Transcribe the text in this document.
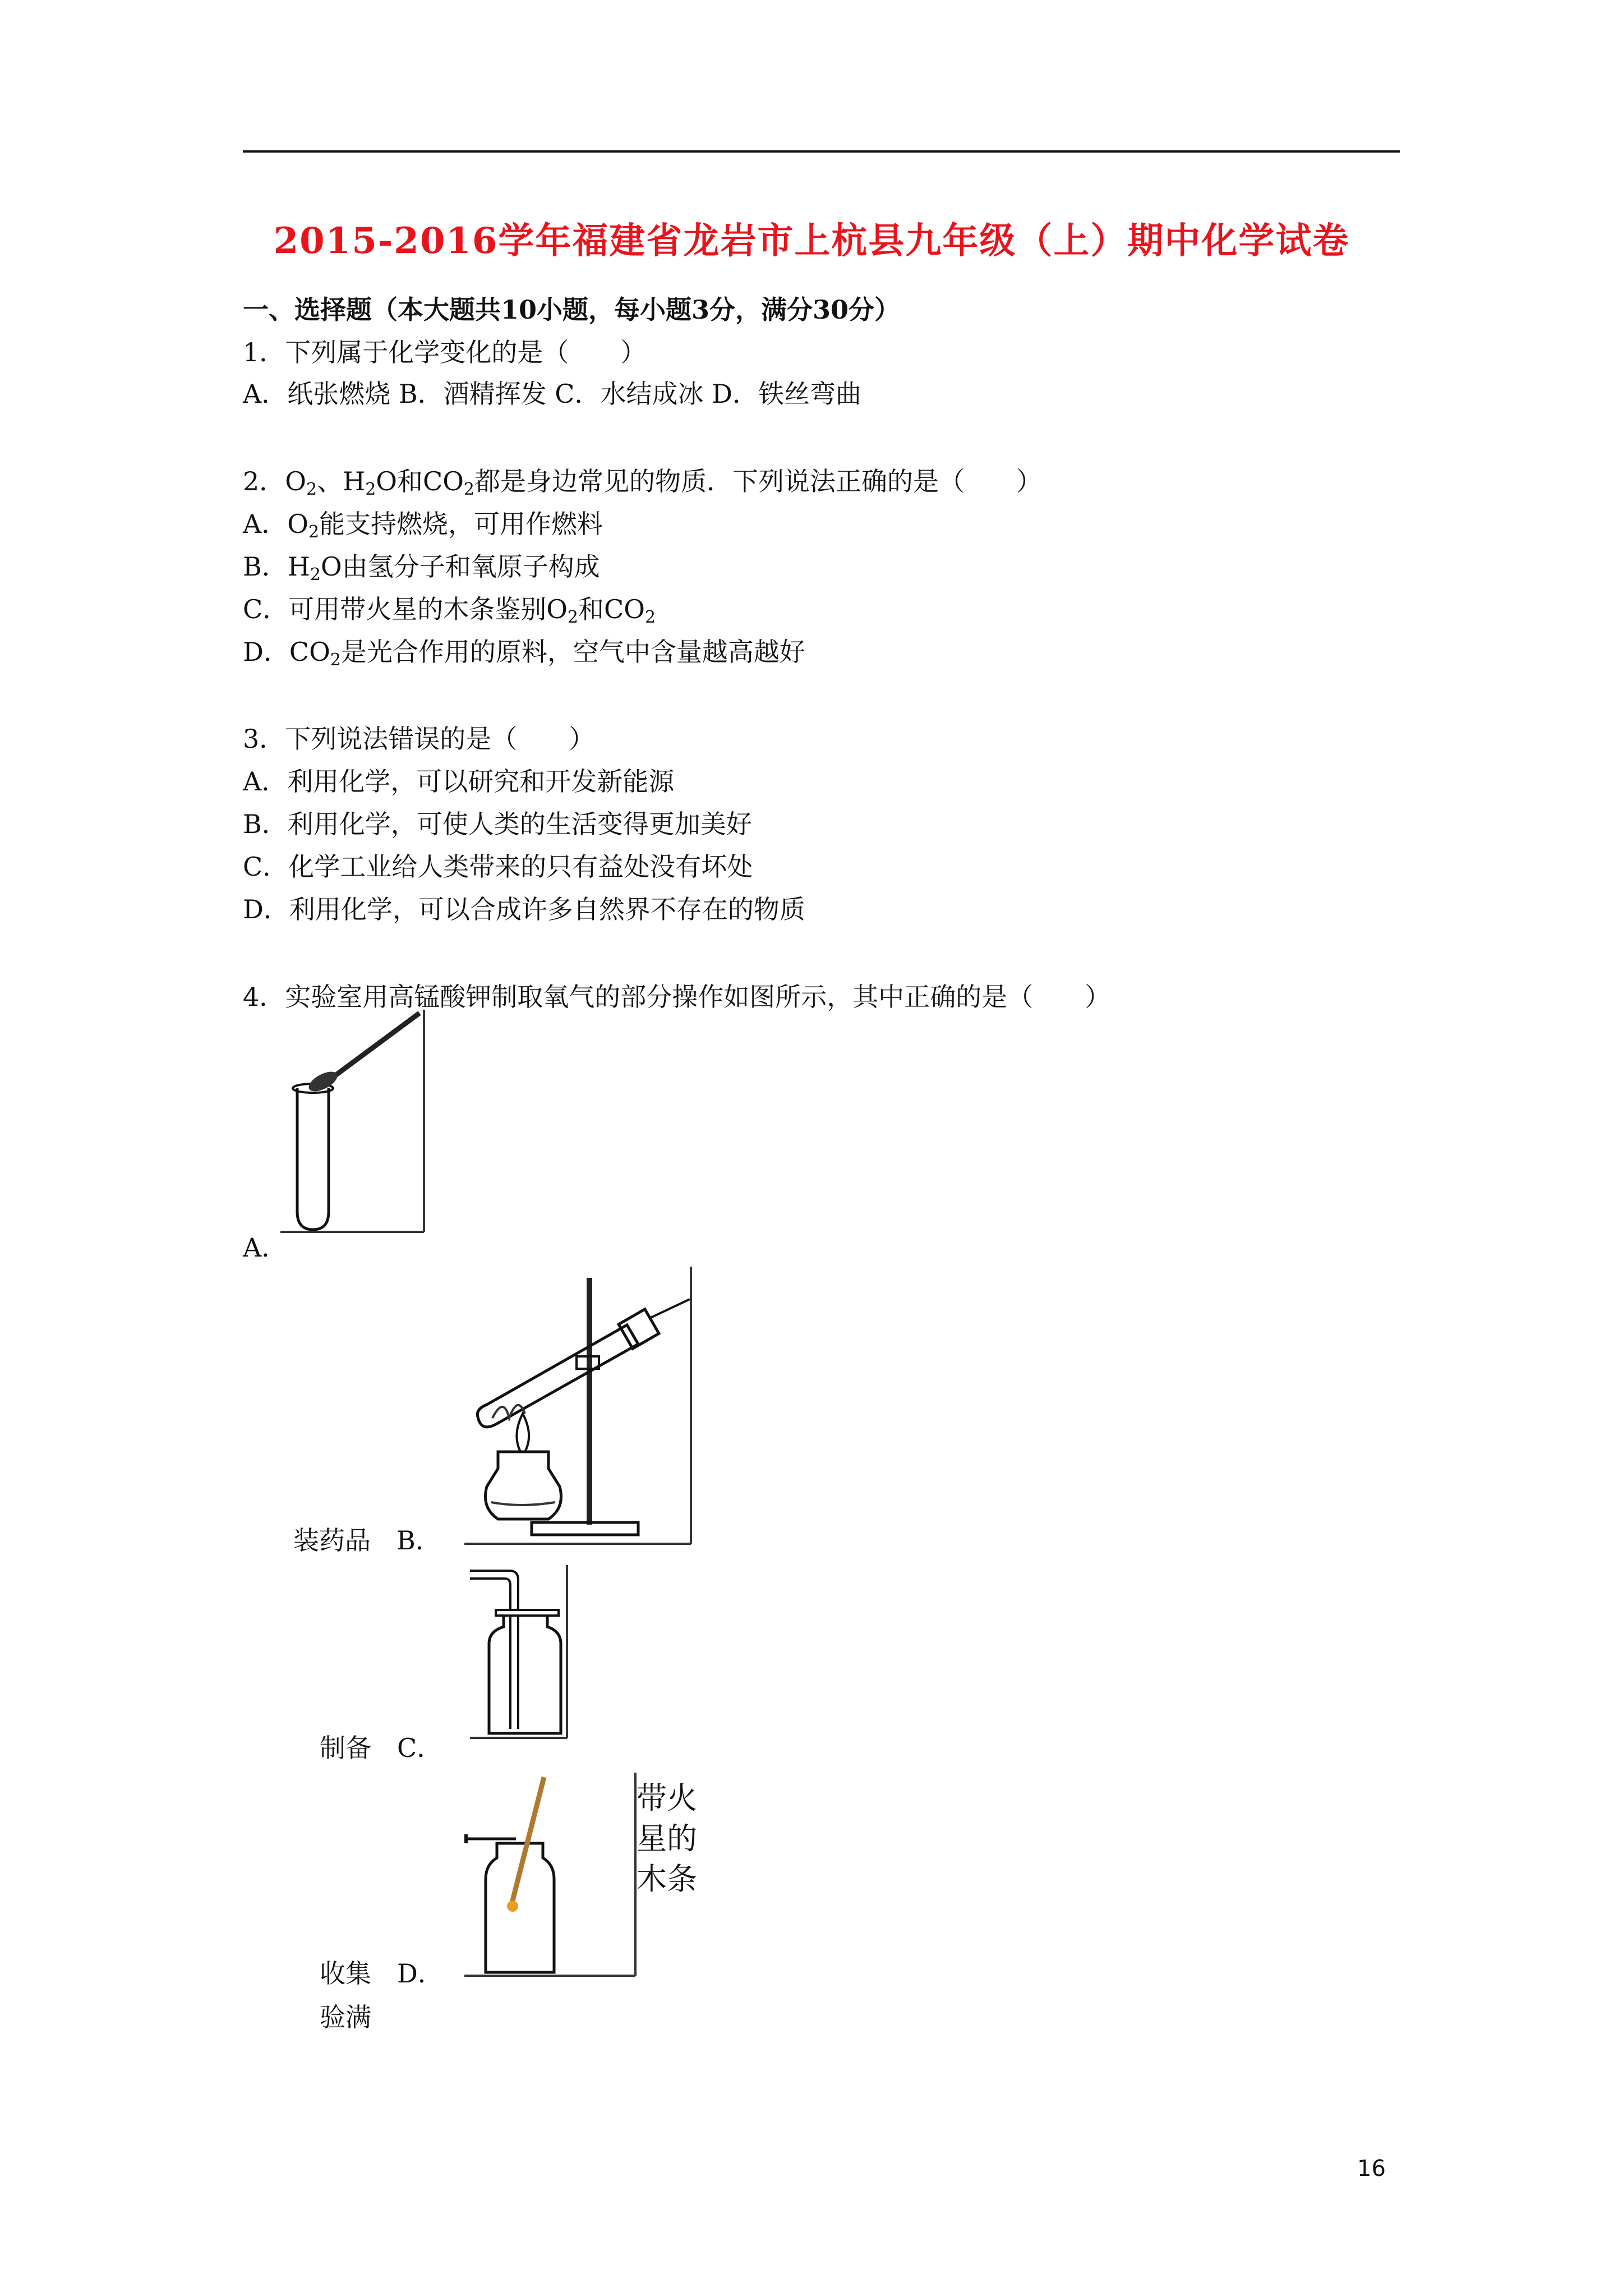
2015-2016学年福建省龙岩市上杭县九年级（上）期中化学试卷
一、选择题（本大题共10小题，每小题3分，满分30分）
1．下列属于化学变化的是（　　）
A．纸张燃烧 B．酒精挥发 C．水结成冰 D．铁丝弯曲
2．$O_2$、$H_2O$和$CO_2$都是身边常见的物质．下列说法正确的是（　　）
A．$O_2$能支持燃烧，可用作燃料
B．$H_2O$由氢分子和氧原子构成
C．可用带火星的木条鉴别$O_2$和$CO_2$
D．$CO_2$是光合作用的原料，空气中含量越高越好
3．下列说法错误的是（　　）
A．利用化学，可以研究和开发新能源
B．利用化学，可使人类的生活变得更加美好
C．化学工业给人类带来的只有益处没有坏处
D．利用化学，可以合成许多自然界不存在的物质
4．实验室用高锰酸钾制取氧气的部分操作如图所示，其中正确的是（　　）
A．
装药品　 B．
制备　 C．
带火
星的
木条
收集　 D．
验满
16
